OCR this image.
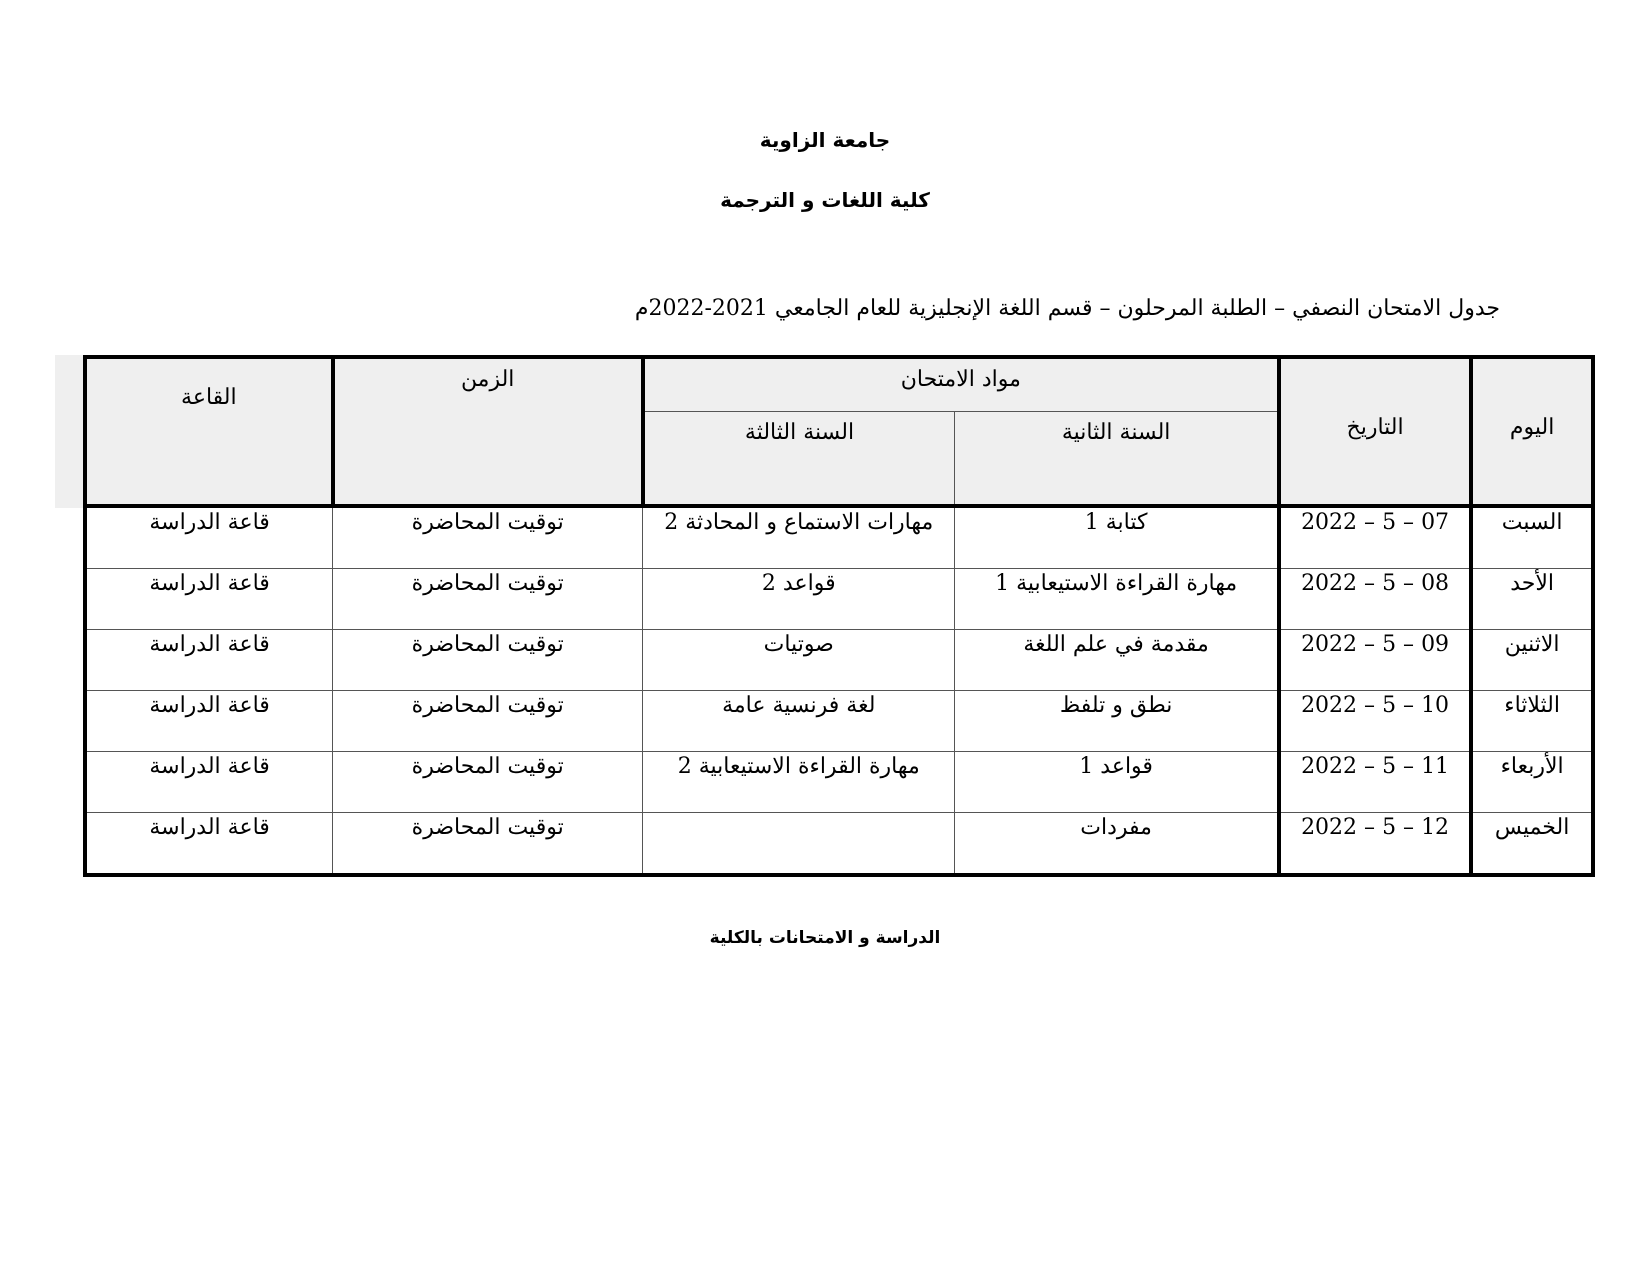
جامعة الزاوية
كلية اللغات و الترجمة
جدول الامتحان النصفي – الطلبة المرحلون – قسم اللغة الإنجليزية للعام الجامعي 2021-2022م
اليوم	التاريخ	مواد الامتحان		الزمن	القاعة
		السنة الثانية	السنة الثالثة		
السبت	07 – 5 – 2022	كتابة 1	مهارات الاستماع و المحادثة 2	توقيت المحاضرة	قاعة الدراسة
الأحد	08 – 5 – 2022	مهارة القراءة الاستيعابية 1	قواعد 2	توقيت المحاضرة	قاعة الدراسة
الاثنين	09 – 5 – 2022	مقدمة في علم اللغة	صوتيات	توقيت المحاضرة	قاعة الدراسة
الثلاثاء	10 – 5 – 2022	نطق و تلفظ	لغة فرنسية عامة	توقيت المحاضرة	قاعة الدراسة
الأربعاء	11 – 5 – 2022	قواعد 1	مهارة القراءة الاستيعابية 2	توقيت المحاضرة	قاعة الدراسة
الخميس	12 – 5 – 2022	مفردات		توقيت المحاضرة	قاعة الدراسة
الدراسة و الامتحانات بالكلية
